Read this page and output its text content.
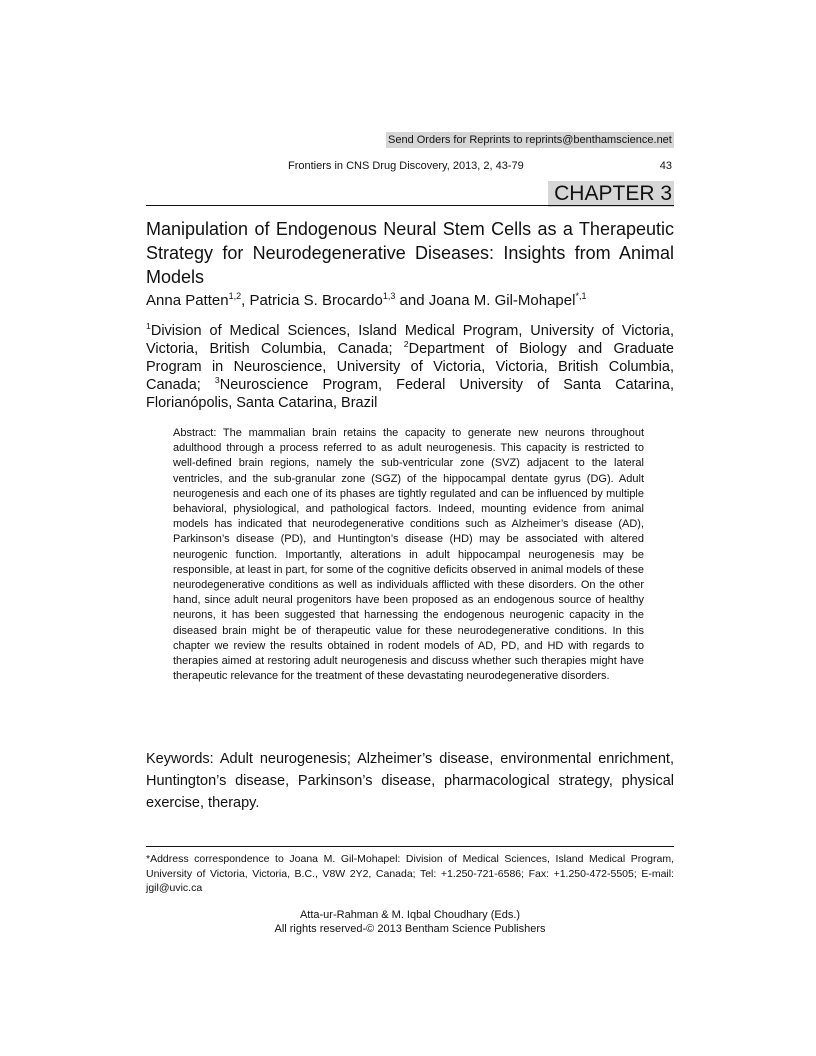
Send Orders for Reprints to reprints@benthamscience.net
Frontiers in CNS Drug Discovery, 2013, 2, 43-79	43
CHAPTER 3
Manipulation of Endogenous Neural Stem Cells as a Therapeutic Strategy for Neurodegenerative Diseases: Insights from Animal Models
Anna Patten$^{1,2}$, Patricia S. Brocardo$^{1,3}$ and Joana M. Gil-Mohapel$^{*,1}$
$^1$Division of Medical Sciences, Island Medical Program, University of Victoria, Victoria, British Columbia, Canada; $^2$Department of Biology and Graduate Program in Neuroscience, University of Victoria, Victoria, British Columbia, Canada; $^3$Neuroscience Program, Federal University of Santa Catarina, Florianópolis, Santa Catarina, Brazil
Abstract: The mammalian brain retains the capacity to generate new neurons throughout adulthood through a process referred to as adult neurogenesis. This capacity is restricted to well-defined brain regions, namely the sub-ventricular zone (SVZ) adjacent to the lateral ventricles, and the sub-granular zone (SGZ) of the hippocampal dentate gyrus (DG). Adult neurogenesis and each one of its phases are tightly regulated and can be influenced by multiple behavioral, physiological, and pathological factors. Indeed, mounting evidence from animal models has indicated that neurodegenerative conditions such as Alzheimer’s disease (AD), Parkinson’s disease (PD), and Huntington’s disease (HD) may be associated with altered neurogenic function. Importantly, alterations in adult hippocampal neurogenesis may be responsible, at least in part, for some of the cognitive deficits observed in animal models of these neurodegenerative conditions as well as individuals afflicted with these disorders. On the other hand, since adult neural progenitors have been proposed as an endogenous source of healthy neurons, it has been suggested that harnessing the endogenous neurogenic capacity in the diseased brain might be of therapeutic value for these neurodegenerative conditions. In this chapter we review the results obtained in rodent models of AD, PD, and HD with regards to therapies aimed at restoring adult neurogenesis and discuss whether such therapies might have therapeutic relevance for the treatment of these devastating neurodegenerative disorders.
Keywords: Adult neurogenesis; Alzheimer’s disease, environmental enrichment, Huntington’s disease, Parkinson’s disease, pharmacological strategy, physical exercise, therapy.
*Address correspondence to Joana M. Gil-Mohapel: Division of Medical Sciences, Island Medical Program, University of Victoria, Victoria, B.C., V8W 2Y2, Canada; Tel: +1.250-721-6586; Fax: +1.250-472-5505; E-mail: jgil@uvic.ca
Atta-ur-Rahman & M. Iqbal Choudhary (Eds.)
All rights reserved-© 2013 Bentham Science Publishers
